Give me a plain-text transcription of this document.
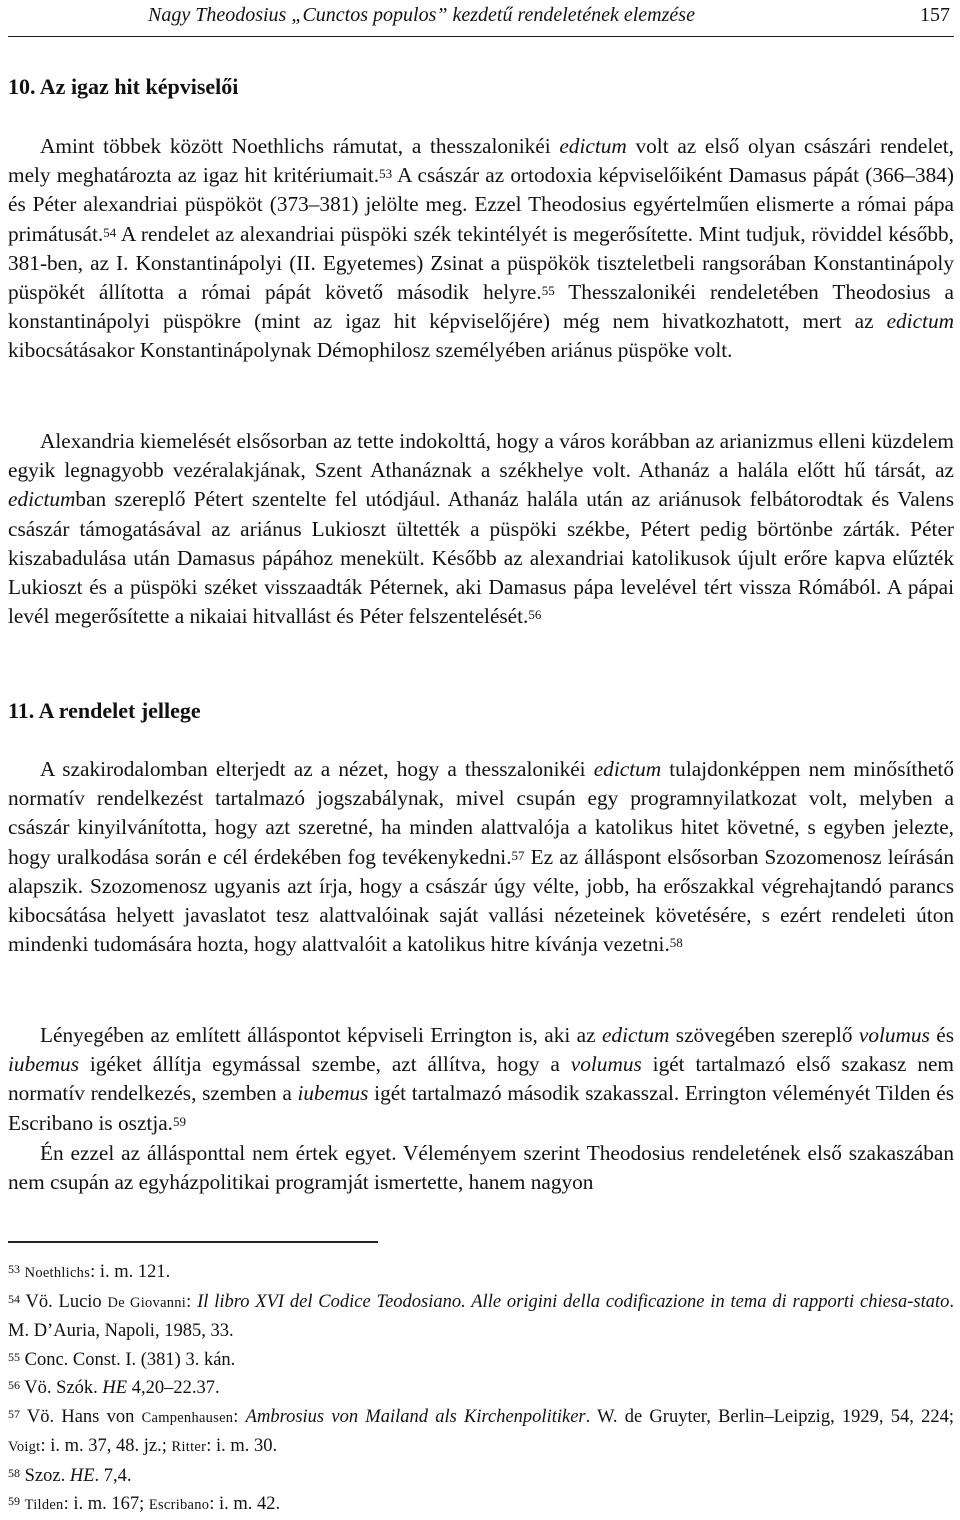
Nagy Theodosius „Cunctos populos” kezdetű rendeletének elemzése	157
10. Az igaz hit képviselői

Amint többek között Noethlichs rámutat, a thesszalonikéi edictum volt az első olyan császári rendelet, mely meghatározta az igaz hit kritériumait.$^{53}$ A császár az ortodoxia képviselőiként Damasus pápát (366–384) és Péter alexandriai püspököt (373–381) jelölte meg. Ezzel Theodosius egyértelműen elismerte a római pápa primátusát.$^{54}$ A rendelet az alexandriai püspöki szék tekintélyét is megerősítette. Mint tudjuk, röviddel később, 381-ben, az I. Konstantinápolyi (II. Egyetemes) Zsinat a püspökök tiszteletbeli rangsorában Konstantinápoly püspökét állította a római pápát követő második helyre.$^{55}$ Thesszalonikéi rendeletében Theodosius a konstantinápolyi püspökre (mint az igaz hit képviselőjére) még nem hivatkozhatott, mert az edictum kibocsátásakor Konstantinápolynak Démophilosz személyében ariánus püspöke volt.

Alexandria kiemelését elsősorban az tette indokolttá, hogy a város korábban az arianizmus elleni küzdelem egyik legnagyobb vezéralakjának, Szent Athanáznak a székhelye volt. Athanáz a halála előtt hű társát, az edictumban szereplő Pétert szentelte fel utódjául. Athanáz halála után az ariánusok felbátorodtak és Valens császár támogatásával az ariánus Lukioszt ültették a püspöki székbe, Pétert pedig börtönbe zárták. Péter kiszabadulása után Damasus pápához menekült. Később az alexandriai katolikusok újult erőre kapva elűzték Lukioszt és a püspöki széket visszaadták Péternek, aki Damasus pápa levelével tért vissza Rómából. A pápai levél megerősítette a nikaiai hitvallást és Péter felszentelését.$^{56}$

11. A rendelet jellege

A szakirodalomban elterjedt az a nézet, hogy a thesszalonikéi edictum tulajdonképpen nem minősíthető normatív rendelkezést tartalmazó jogszabálynak, mivel csupán egy programnyilatkozat volt, melyben a császár kinyilvánította, hogy azt szeretné, ha minden alattvalója a katolikus hitet követné, s egyben jelezte, hogy uralkodása során e cél érdekében fog tevékenykedni.$^{57}$ Ez az álláspont elsősorban Szozomenosz leírásán alapszik. Szozomenosz ugyanis azt írja, hogy a császár úgy vélte, jobb, ha erőszakkal végrehajtandó parancs kibocsátása helyett javaslatot tesz alattvalóinak saját vallási nézeteinek követésére, s ezért rendeleti úton mindenki tudomására hozta, hogy alattvalóit a katolikus hitre kívánja vezetni.$^{58}$

Lényegében az említett álláspontot képviseli Errington is, aki az edictum szövegében szereplő volumus és iubemus igéket állítja egymással szembe, azt állítva, hogy a volumus igét tartalmazó első szakasz nem normatív rendelkezés, szemben a iubemus igét tartalmazó második szakasszal. Errington véleményét Tilden és Escribano is osztja.$^{59}$

Én ezzel az állásponttal nem értek egyet. Véleményem szerint Theodosius rendeletének első szakaszában nem csupán az egyházpolitikai programját ismertette, hanem nagyon

$^{53}$ Noethlichs: i. m. 121.
$^{54}$ Vö. Lucio De Giovanni: Il libro XVI del Codice Teodosiano. Alle origini della codificazione in tema di rapporti chiesa-stato. M. D’Auria, Napoli, 1985, 33.
$^{55}$ Conc. Const. I. (381) 3. kán.
$^{56}$ Vö. Szók. HE 4,20–22.37.
$^{57}$ Vö. Hans von Campenhausen: Ambrosius von Mailand als Kirchenpolitiker. W. de Gruyter, Berlin–Leipzig, 1929, 54, 224; Voigt: i. m. 37, 48. jz.; Ritter: i. m. 30.
$^{58}$ Szoz. HE. 7,4.
$^{59}$ Tilden: i. m. 167; Escribano: i. m. 42.
